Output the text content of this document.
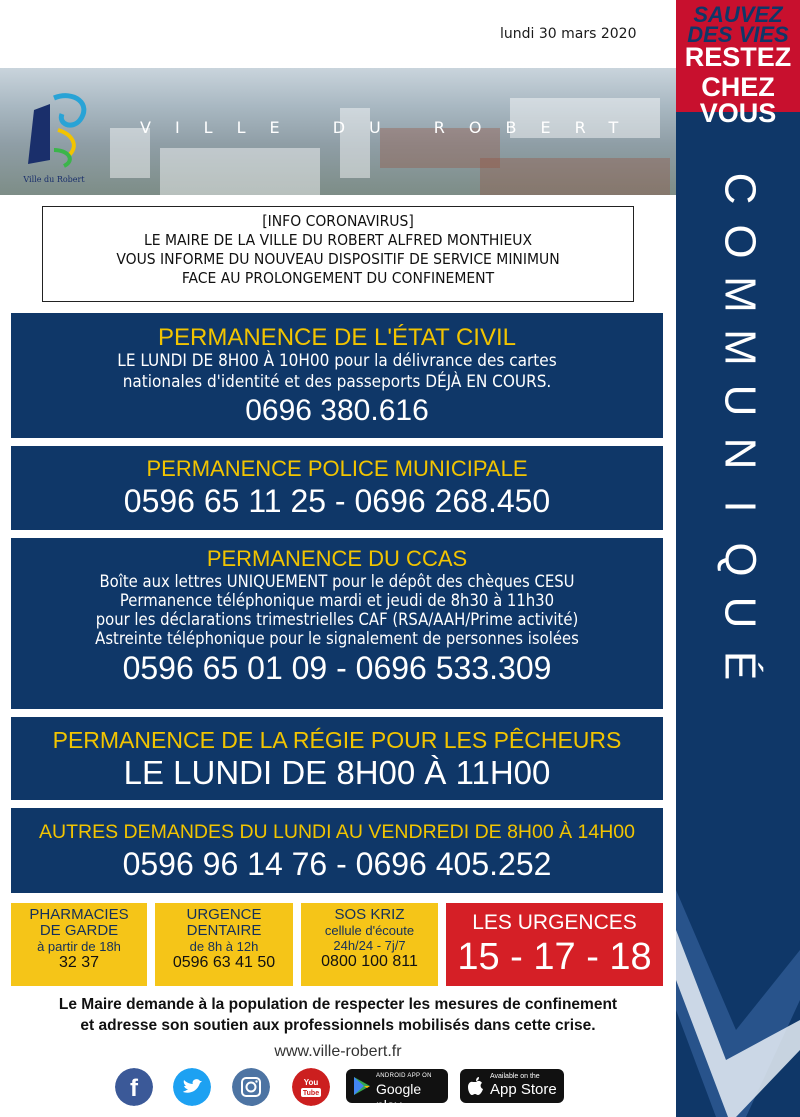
lundi 30 mars 2020
Ville du Robert
VILLE DU ROBERT
SAUVEZ
DES VIES
RESTEZ
CHEZ VOUS
C
O
M
M
U
N
I
Q
U
É
[INFO CORONAVIRUS]
LE MAIRE DE LA VILLE DU ROBERT ALFRED MONTHIEUX
VOUS INFORME DU NOUVEAU DISPOSITIF DE SERVICE MINIMUN
FACE AU PROLONGEMENT DU CONFINEMENT
PERMANENCE DE L'ÉTAT CIVIL
LE LUNDI DE 8H00 À 10H00 pour la délivrance des cartes
nationales d'identité et des passeports DÉJÀ EN COURS.
0696 380.616
PERMANENCE POLICE MUNICIPALE
0596 65 11 25 - 0696 268.450
PERMANENCE DU CCAS
Boîte aux lettres UNIQUEMENT pour le dépôt des chèques CESU
Permanence téléphonique mardi et jeudi de 8h30 à 11h30
pour les déclarations trimestrielles CAF (RSA/AAH/Prime activité)
Astreinte téléphonique pour le signalement de personnes isolées
0596 65 01 09 - 0696 533.309
PERMANENCE DE LA RÉGIE POUR LES PÊCHEURS
LE LUNDI DE 8H00 À 11H00
AUTRES DEMANDES DU LUNDI AU VENDREDI DE 8H00 À 14H00
0596 96 14 76 - 0696 405.252
PHARMACIES
DE GARDE
à partir de 18h
32 37
URGENCE
DENTAIRE
de 8h à 12h
0596 63 41 50
SOS KRIZ
cellule d'écoute
24h/24 - 7j/7
0800 100 811
LES URGENCES
15 - 17 - 18
Le Maire demande à la population de respecter les mesures de confinement
et adresse son soutien aux professionnels mobilisés dans cette crise.
www.ville-robert.fr
f	You
Tube
ANDROID APP ON
Google play
Available on the
App Store
